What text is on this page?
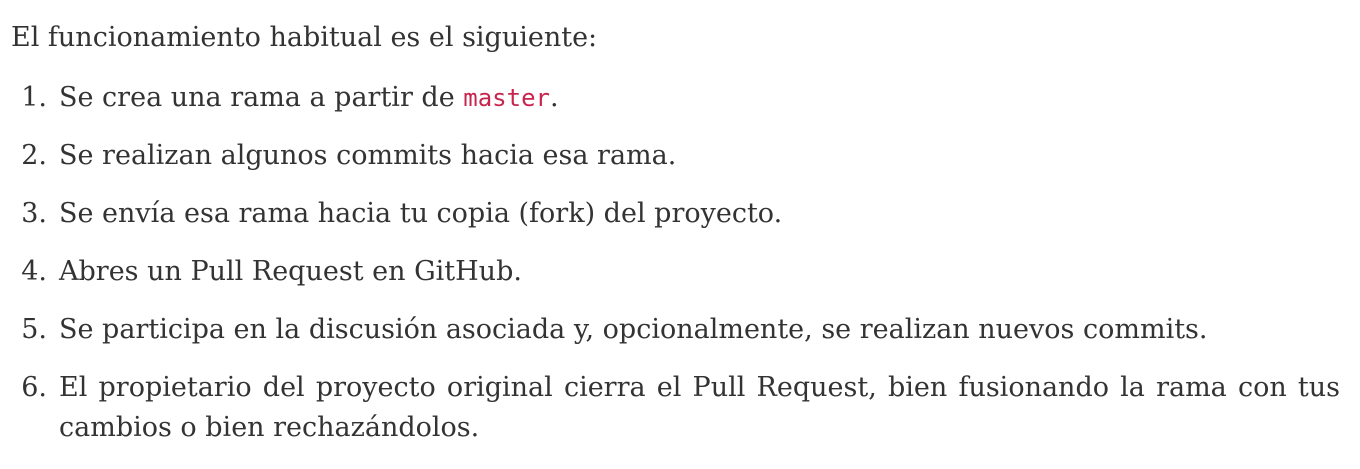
El funcionamiento habitual es el siguiente:

1. Se crea una rama a partir de master.
2. Se realizan algunos commits hacia esa rama.
3. Se envía esa rama hacia tu copia (fork) del proyecto.
4. Abres un Pull Request en GitHub.
5. Se participa en la discusión asociada y, opcionalmente, se realizan nuevos commits.
6. El propietario del proyecto original cierra el Pull Request, bien fusionando la rama con tus cambios o bien rechazándolos.
